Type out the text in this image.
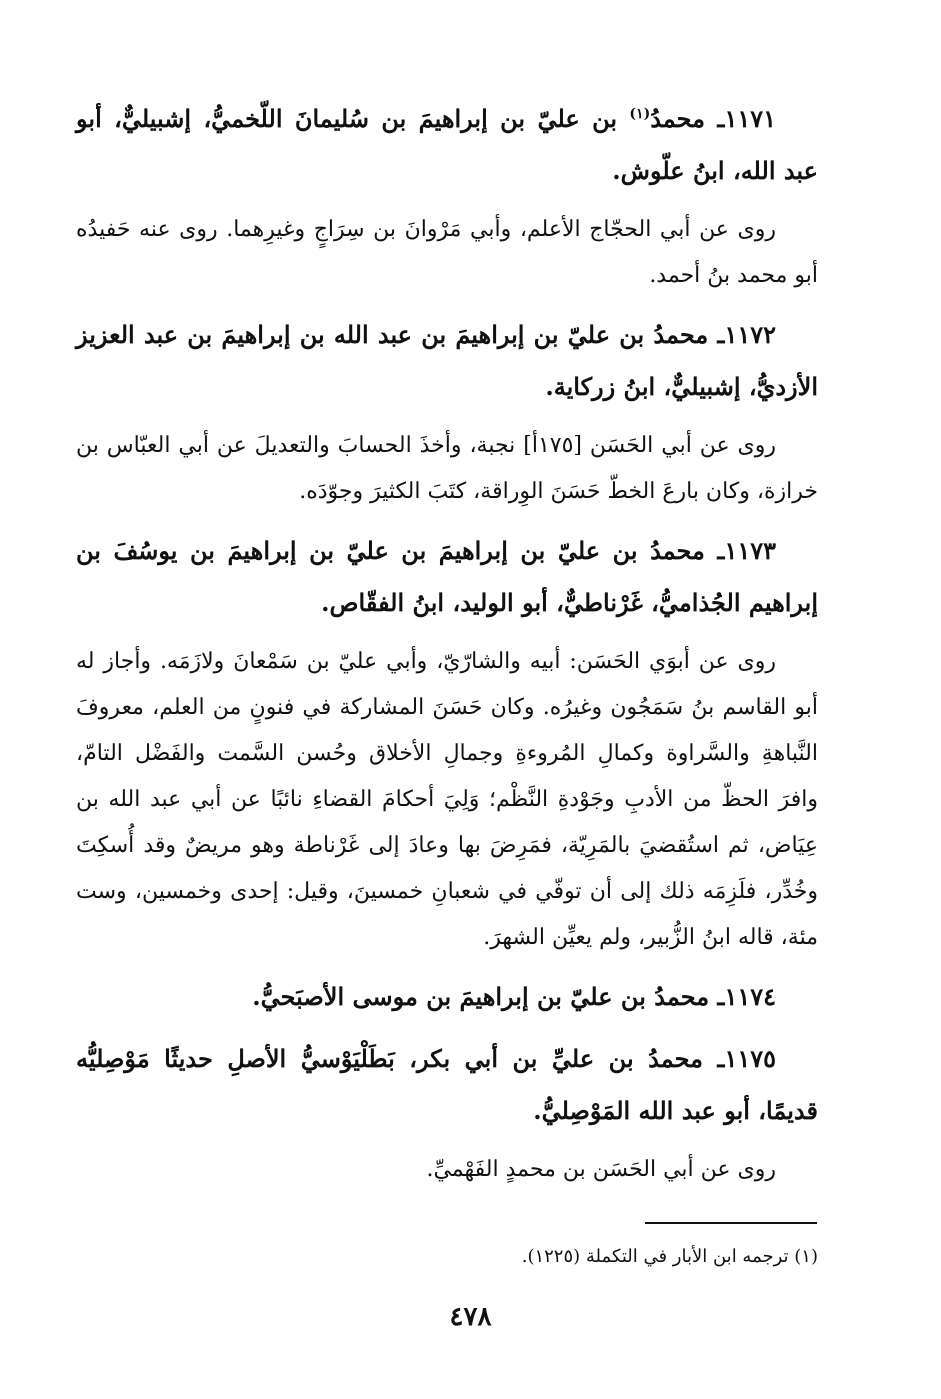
١١٧١ـ محمدُ$^{(١)}$ بن عليّ بن إبراهيمَ بن سُليمانَ اللّخميُّ، إشبيليٌّ، أبو عبد الله، ابنُ علّوش.

روى عن أبي الحجّاج الأعلم، وأبي مَرْوانَ بن سِرَاجٍ وغيرِهما. روى عنه حَفيدُه أبو محمد بنُ أحمد.

١١٧٢ـ محمدُ بن عليّ بن إبراهيمَ بن عبد الله بن إبراهيمَ بن عبد العزيز الأزديُّ، إشبيليٌّ، ابنُ زركاية.

روى عن أبي الحَسَن [١٧٥أ] نجبة، وأخذَ الحسابَ والتعديلَ عن أبي العبّاس بن خرازة، وكان بارعَ الخطّ حَسَنَ الوِراقة، كتَبَ الكثيرَ وجوّدَه.

١١٧٣ـ محمدُ بن عليّ بن إبراهيمَ بن عليّ بن إبراهيمَ بن يوسُفَ بن إبراهيم الجُذاميُّ، غَرْناطيٌّ، أبو الوليد، ابنُ الفقّاص.

روى عن أبوَي الحَسَن: أبيه والشارّيّ، وأبي عليّ بن سَمْعانَ ولازَمَه. وأجاز له أبو القاسم بنُ سَمَجُون وغيرُه. وكان حَسَنَ المشاركة في فنونٍ من العلم، معروفَ النَّباهةِ والسَّراوة وكمالِ المُروءةِ وجمالِ الأخلاق وحُسن السَّمت والفَضْل التامّ، وافرَ الحظّ من الأدبِ وجَوْدةِ النَّظْم؛ وَلِيَ أحكامَ القضاءِ نائبًا عن أبي عبد الله بن عِيَاض، ثم استُقضيَ بالمَرِيّة، فمَرِضَ بها وعادَ إلى غَرْناطة وهو مريضٌ وقد أُسكِتَ وخُدِّر، فلَزِمَه ذلك إلى أن توفّي في شعبانِ خمسينَ، وقيل: إحدى وخمسين، وست مئة، قاله ابنُ الزُّبير، ولم يعيِّن الشهرَ.

١١٧٤ـ محمدُ بن عليّ بن إبراهيمَ بن موسى الأصبَحيُّ.

١١٧٥ـ محمدُ بن عليِّ بن أبي بكر، بَطَلْيَوْسيُّ الأصلِ حديثًا مَوْصِليُّه قديمًا، أبو عبد الله المَوْصِليُّ.

روى عن أبي الحَسَن بن محمدٍ الفَهْميِّ.

(١) ترجمه ابن الأبار في التكملة (١٢٢٥).
٤٧٨
